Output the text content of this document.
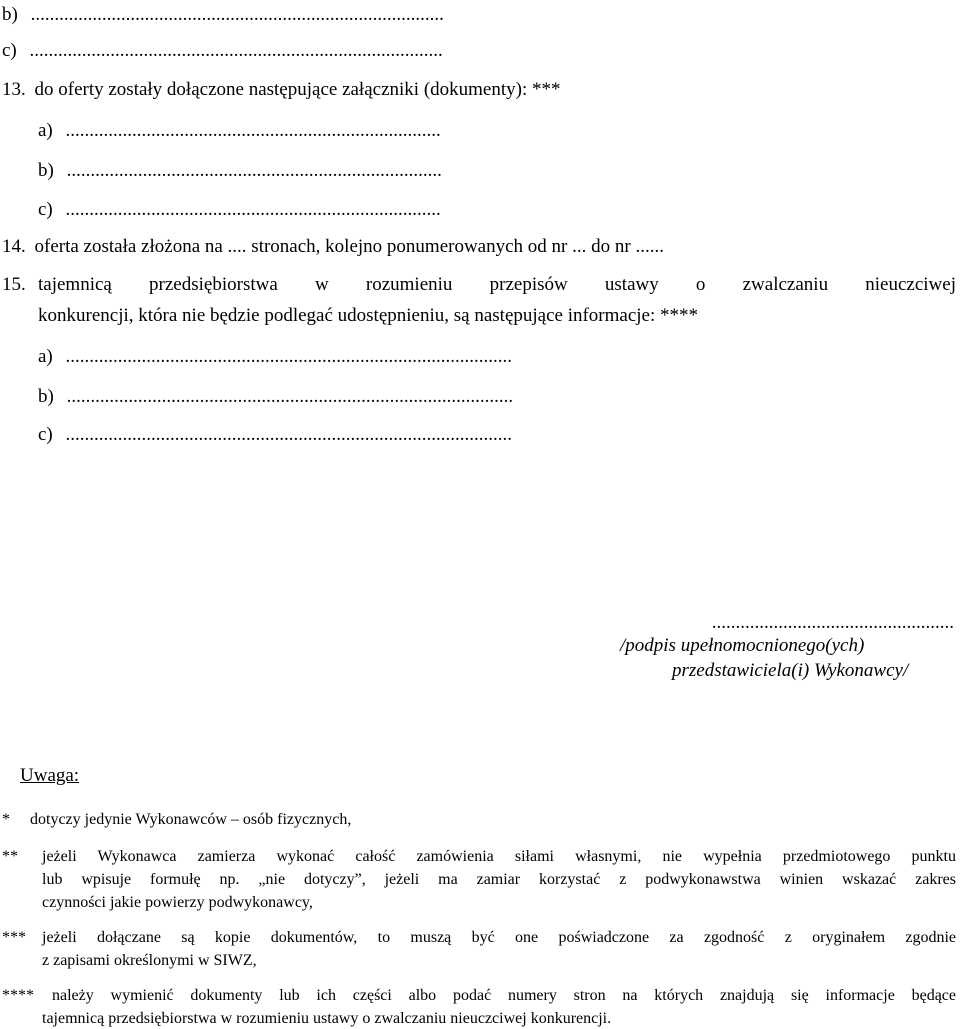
b) .......................................................................................
c) .......................................................................................
13. do oferty zostały dołączone następujące załączniki (dokumenty): ***
a) ...............................................................................
b) ...............................................................................
c) ...............................................................................
14. oferta została złożona na .... stronach, kolejno ponumerowanych od nr ... do nr ......
15. tajemnicą przedsiębiorstwa w rozumieniu przepisów ustawy o zwalczaniu nieuczciwej
konkurencji, która nie będzie podlegać udostępnieniu, są następujące informacje: ****
a) ..............................................................................................
b) ..............................................................................................
c) ..............................................................................................
...................................................
/podpis upełnomocnionego(ych)
przedstawiciela(i) Wykonawcy/
Uwaga:
* dotyczy jedynie Wykonawców – osób fizycznych,
** jeżeli Wykonawca zamierza wykonać całość zamówienia siłami własnymi, nie wypełnia przedmiotowego punktu
lub wpisuje formułę np. „nie dotyczy”, jeżeli ma zamiar korzystać z podwykonawstwa winien wskazać zakres
czynności jakie powierzy podwykonawcy,
*** jeżeli dołączane są kopie dokumentów, to muszą być one poświadczone za zgodność z oryginałem zgodnie
z zapisami określonymi w SIWZ,
**** należy wymienić dokumenty lub ich części albo podać numery stron na których znajdują się informacje będące
tajemnicą przedsiębiorstwa w rozumieniu ustawy o zwalczaniu nieuczciwej konkurencji.
